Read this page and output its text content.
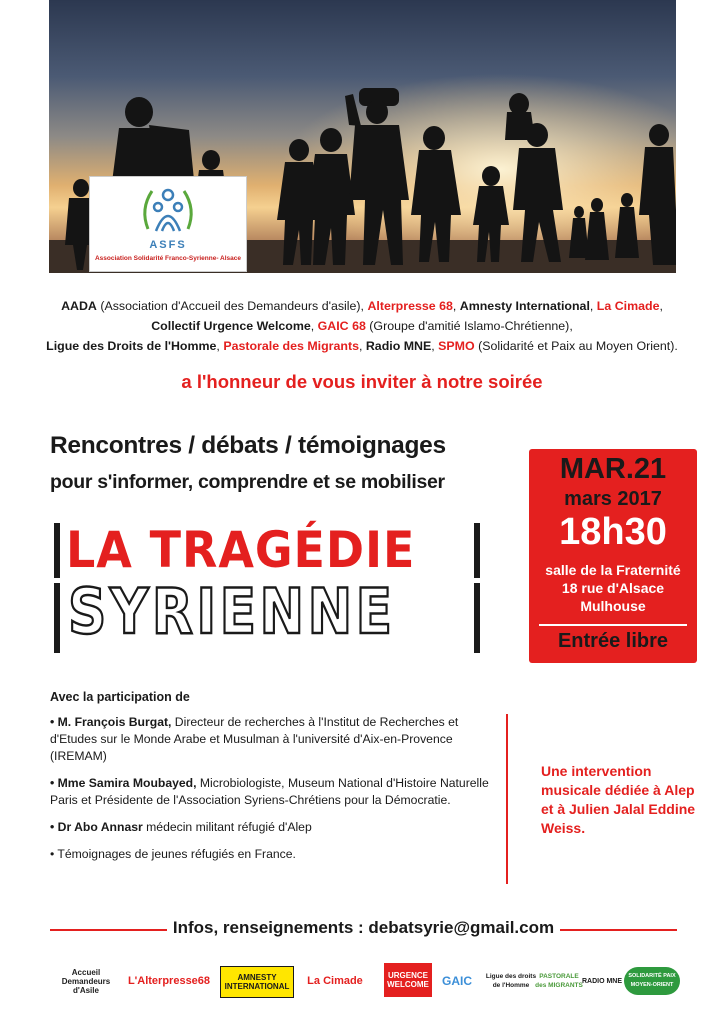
ASFS
Association Solidarité Franco-Syrienne- Alsace
AADA (Association d'Accueil des Demandeurs d'asile), Alterpresse 68, Amnesty International, La Cimade,
Collectif Urgence Welcome, GAIC 68 (Groupe d'amitié Islamo-Chrétienne),
Ligue des Droits de l'Homme, Pastorale des Migrants, Radio MNE, SPMO (Solidarité et Paix au Moyen Orient).
a l'honneur de vous inviter à notre soirée
Rencontres / débats / témoignages
pour s'informer, comprendre et se mobiliser
LA TRAGÉDIE
SYRIENNE
MAR.21
mars 2017
18h30
salle de la Fraternité
18 rue d'Alsace
Mulhouse
Entrée libre
Avec la participation de

• M. François Burgat, Directeur de recherches à l'Institut de Recherches et d'Etudes sur le Monde Arabe et Musulman à l'université d'Aix-en-Provence (IREMAM)

• Mme Samira Moubayed, Microbiologiste, Museum National d'Histoire Naturelle Paris et Présidente de l'Association Syriens-Chrétiens pour la Démocratie.

• Dr Abo Annasr médecin militant réfugié d'Alep

• Témoignages de jeunes réfugiés en France.

Une intervention musicale dédiée à Alep et à Julien Jalal Eddine Weiss.
Infos, renseignements : debatsyrie@gmail.com
Accueil Demandeurs d'Asile
L'Alterpresse68	AMNESTY INTERNATIONAL	La Cimade	URGENCE WELCOME GAIC	Ligue des droits de l'Homme
PASTORALE des MIGRANTS
RADIO MNE
SOLIDARITÉ PAIX MOYEN-ORIENT
